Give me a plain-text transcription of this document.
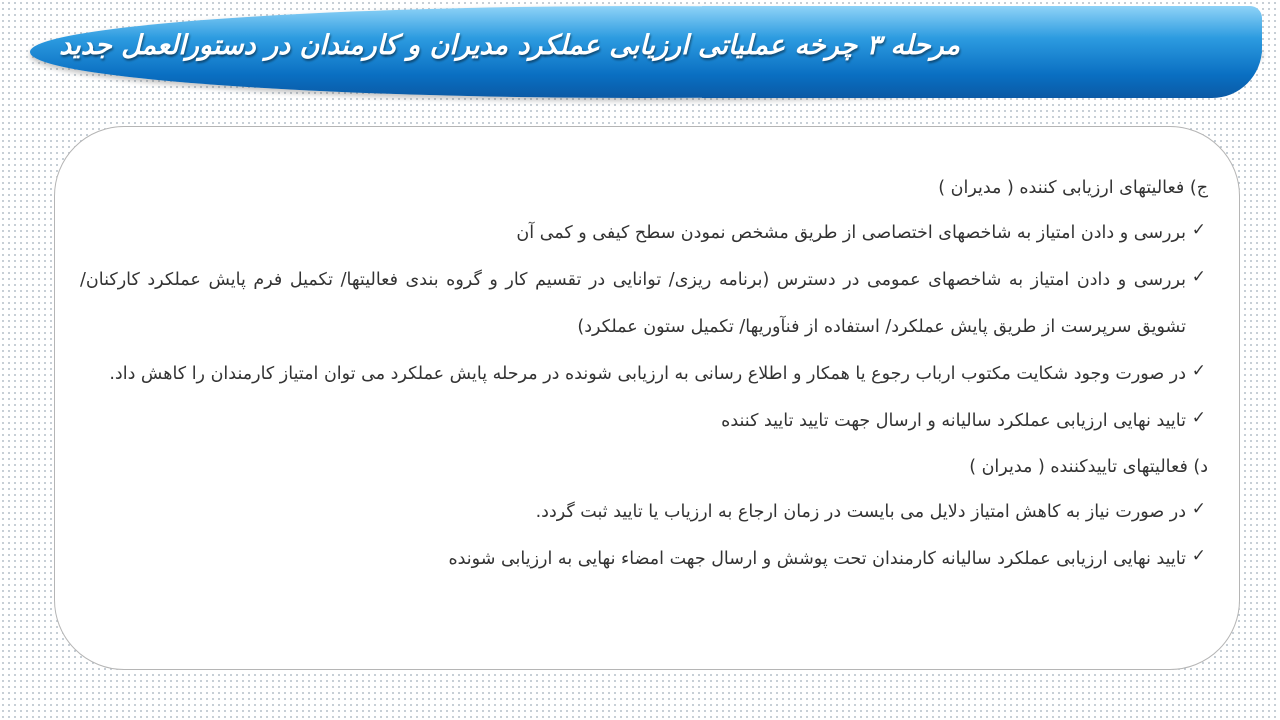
مرحله ۳ چرخه عملیاتی ارزیابی عملکرد مدیران و کارمندان در دستورالعمل جدید
ج) فعالیتهای ارزیابی کننده ( مدیران )
✓
بررسی و دادن امتیاز به شاخصهای اختصاصی از طریق مشخص نمودن سطح کیفی و کمی آن
✓
بررسی و دادن امتیاز به شاخصهای عمومی در دسترس (برنامه ریزی/ توانایی در تقسیم کار و گروه بندی فعالیتها/ تکمیل فرم پایش عملکرد کارکنان/ تشویق سرپرست از طریق پایش عملکرد/ استفاده از فنآوریها/ تکمیل ستون عملکرد)
✓
در صورت وجود شکایت مکتوب ارباب رجوع یا همکار و اطلاع رسانی به ارزیابی شونده در مرحله پایش عملکرد می توان امتیاز کارمندان را کاهش داد.
✓
تایید نهایی ارزیابی عملکرد سالیانه و ارسال جهت تایید تایید کننده
د) فعالیتهای تاییدکننده ( مدیران )
✓
در صورت نیاز به کاهش امتیاز دلایل می بایست در زمان ارجاع به ارزیاب یا تایید ثبت گردد.
✓
تایید نهایی ارزیابی عملکرد سالیانه کارمندان تحت پوشش و ارسال جهت امضاء نهایی به ارزیابی شونده
